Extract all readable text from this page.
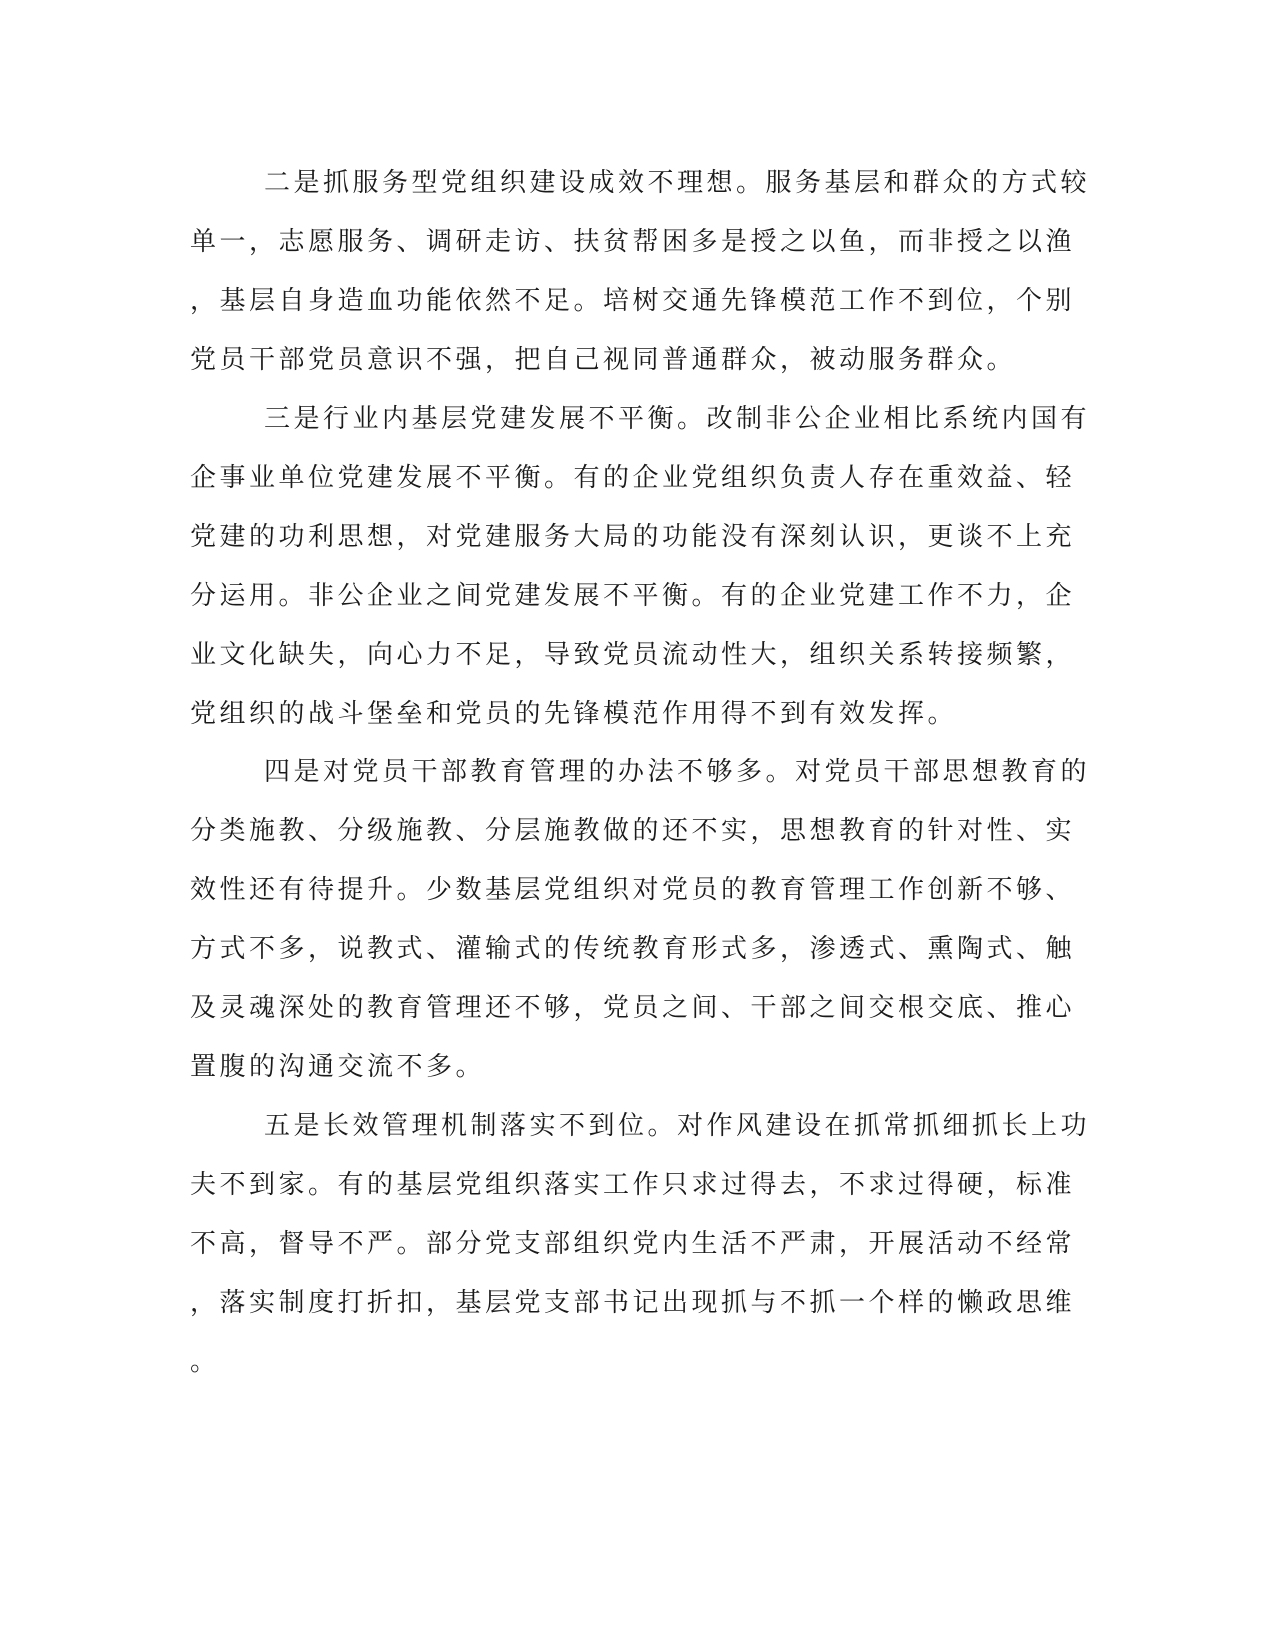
二是抓服务型党组织建设成效不理想。服务基层和群众的方式较
单一，志愿服务、调研走访、扶贫帮困多是授之以鱼，而非授之以渔
，基层自身造血功能依然不足。培树交通先锋模范工作不到位，个别
党员干部党员意识不强，把自己视同普通群众，被动服务群众。
三是行业内基层党建发展不平衡。改制非公企业相比系统内国有
企事业单位党建发展不平衡。有的企业党组织负责人存在重效益、轻
党建的功利思想，对党建服务大局的功能没有深刻认识，更谈不上充
分运用。非公企业之间党建发展不平衡。有的企业党建工作不力，企
业文化缺失，向心力不足，导致党员流动性大，组织关系转接频繁，
党组织的战斗堡垒和党员的先锋模范作用得不到有效发挥。
四是对党员干部教育管理的办法不够多。对党员干部思想教育的
分类施教、分级施教、分层施教做的还不实，思想教育的针对性、实
效性还有待提升。少数基层党组织对党员的教育管理工作创新不够、
方式不多，说教式、灌输式的传统教育形式多，渗透式、熏陶式、触
及灵魂深处的教育管理还不够，党员之间、干部之间交根交底、推心
置腹的沟通交流不多。
五是长效管理机制落实不到位。对作风建设在抓常抓细抓长上功
夫不到家。有的基层党组织落实工作只求过得去，不求过得硬，标准
不高，督导不严。部分党支部组织党内生活不严肃，开展活动不经常
，落实制度打折扣，基层党支部书记出现抓与不抓一个样的懒政思维
。
